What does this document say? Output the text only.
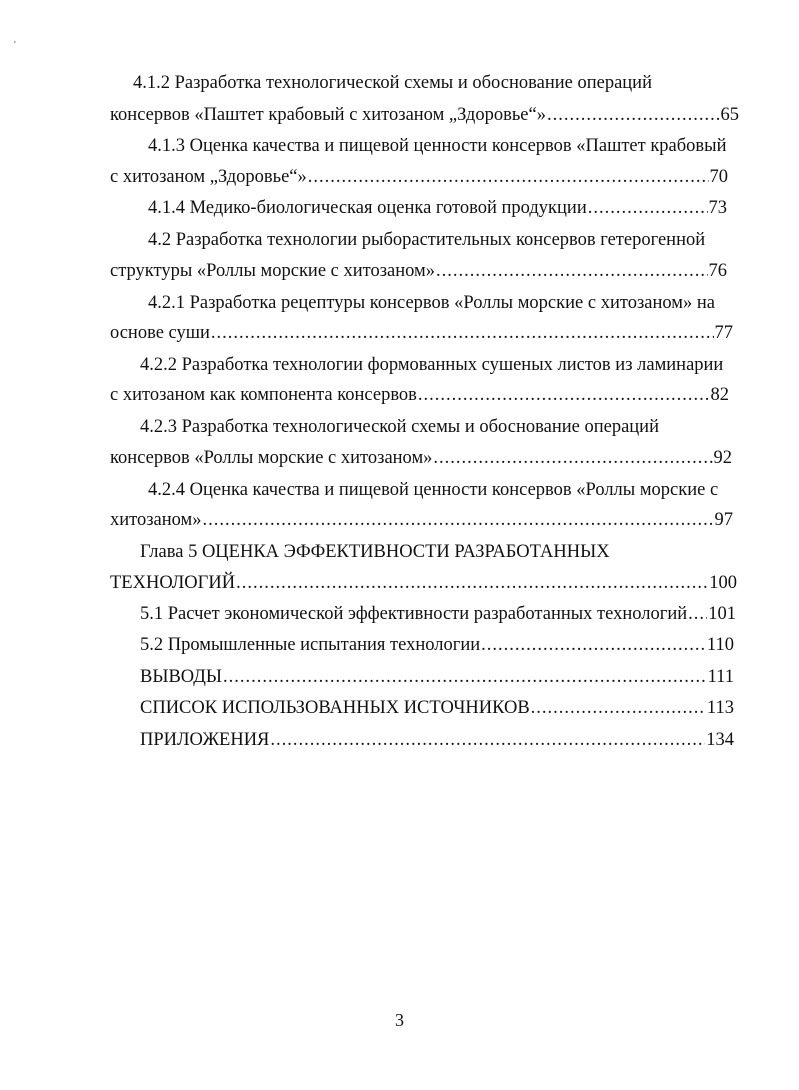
'
4.1.2 Разработка технологической схемы и обоснование операций
консервов «Паштет крабовый с хитозаном „Здоровье“» .....	65
4.1.3 Оценка качества и пищевой ценности консервов «Паштет крабовый
с хитозаном „Здоровье“» .....	70
4.1.4 Медико-биологическая оценка готовой продукции .....	73
4.2 Разработка технологии рыборастительных консервов гетерогенной
структуры «Роллы морские с хитозаном» .....	76
4.2.1 Разработка рецептуры консервов «Роллы морские с хитозаном» на
основе суши .....	77
4.2.2 Разработка технологии формованных сушеных листов из ламинарии
с хитозаном как компонента консервов .....	82
4.2.3 Разработка технологической схемы и обоснование операций
консервов «Роллы морские с хитозаном» .....	92
4.2.4 Оценка качества и пищевой ценности консервов «Роллы морские с
хитозаном» .....	97
Глава 5 ОЦЕНКА ЭФФЕКТИВНОСТИ РАЗРАБОТАННЫХ
ТЕХНОЛОГИЙ .....	100
5.1 Расчет экономической эффективности разработанных технологий ..... 101
5.2 Промышленные испытания технологии .....	110
ВЫВОДЫ .....	111
СПИСОК ИСПОЛЬЗОВАННЫХ ИСТОЧНИКОВ .....	113
ПРИЛОЖЕНИЯ .....	134
3
